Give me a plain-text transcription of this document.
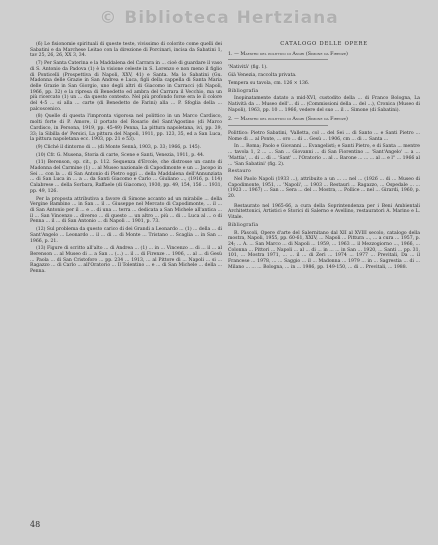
© Biblioteca Hertziana

(6) Le fisionomie spirituali di queste teste, vivissimo di colorito come quelli dei Sabatini e da Marchese Leitao con la direzione di Porcinari, incisa da Sabatini 1, tav 25, 26, 26, XX 3, 34.

(7) Per Santa Caterina e la Maddalena del Carrara in ... cioè di guardare il vaso di S. Antonio da Padova (1) è la visione celeste in S. Lorenzo e non meno il figlio di Ponticelli (Prospettiva di Napoli, XXV, 41) e Santa. Ma lo Sabatini (Gu. Madonna delle Grazie in San Andrea e Luca, figli della cappella di Santa Maria delle Grazie in San Giorgio, uno degli altri di Giacomo in Carracci (di Napoli, 1966, pp. 32) e la ripresa di Benedetto ed ambra del Carrara il Vecchio, ma un più ricercato (1) un ... da questo contesto. Nel più profondo forse era le il colore del 4-5 ... si alla ... carte (di Benedetto de Farini) alla ... P. Sfoglia della ... palcoscenico.

(8) Quelle di questa l'impronta vigorosa nel polittico in un Marco Cardisco, molti forte di P. Amore, il portato del Rosario del Sant'Agostino (di Marco Cardisco, in Persona, 1919, pp. 45-49) Penna, La pittura napoletana, ivi, pp. 39, 33; la Sibilla de' Persici, La pittura del Napoli, 1911, pp. 123, 35, ed a San Luca, la pittura napoletana ecc. 1903, pp. 21 e 53).

(9) Cliché il dintorno di ... (di Monte Sennà, 1903, p. 33; 1966, p. 145).

(10) Cfr. G. Musena, Storia di carte, Scene e Santi, Venezia, 1911, p. 44.

(11) Berenson, op. cit., p. 112. Sequenza d'Ercole, che distrosse un canto di Madonna del Carmine (1) ... al Museo nazionale di Capodimonte e un ... Jacopo in Sei ... con la ... di San Antonio di Pietro oggi ... della Maddalena dell'Annunziata ... di San Luca in ... a ... da Santi Giacomo e Carlo ... Giuliano ..., (1916, p. 114) Calabrese ... della Sorbara, Raffaele (di Giacomo), 1930, pp. 49, 154, 156 ... 1931, pp. 49, 126.

Per la proposta attributiva a favore di Simone accanto ad un mirabile ... della Vergine Bambino ... in San ... il ... Giuseppe nel Mercato di Capodimonte, ... il ... di San Antonio per il ... e ... di una ... terra ... dedicata a San Michele all'antica ... il ... San Vincenzo ... diverso ... di questo ... un altro ... più ... di ... Luca al ... o di Penna ... il ... di San Antonio ... di Napoli ... 1901, p. 73.

(12) Sul problema da questo carico di dei Grandi a Leonardo ... (1) ... della ... di Sant'Angelo ... Leonardo ... il ... di ... di Monte ... Tristano ... Scaglia ... in San ... 1966, p. 21.

(13) Figure di scritto all'alto ... di Andrea ... (1) ... in ... Vincenzo ... di ... il ... al Berenson ... al Museo di ... a San ... (...) ... il ... di Firenze ... 1906, ... al ... di Gesù ... Paola ... di San Cristoforo ... pp. 234 ... 1913, ... al Pittore di ... Napoli ... si ... Ragazzo ... di Carlo ... all'Oratorio ... Il Tolentino ... e ... di San Michele ... della ... Penna.

CATALOGO DELLE OPERE

1. — Maestro del polittico di Angri (Simone da Firenze)

'Natività' (fig. 1).

Già Venezia, raccolta privata.

Tempera su tavola, cm. 126 × 136.

Bibliografia

Inopinatamente datato a mid-XVI, custodito della ... di Franco Bologna, La Natività da ... Museo dell'... di ... (Commissioni della ... del ...), Cronica (Museo di Napoli), 1963, pp. 10 ... 1966, vedere del suo ... il ... Simone (di Sabatini).

2. — Maestro del polittico di Angri (Simone da Firenze)

Polittico: Pietro Sabatini, 'Valletta, col ... del Sei ... di Santo ... e Santi Pietro ... Nome di ... al Ponte, ... oro ... di ... Gesù ... 1906, cm ... di ... Santa ...

In ... Roma; Paolo e Giovanni ... Evangelisti; e Santi Pietro, e di Santa ... mentre ... tavola 1, 2 ... ... San ... Giovanni ... di San Fiorentino ... 'Sant'Angelo' ... a ... 'Mattia', ... di ... di ... 'Sant' ... l'Oratorio ... al ... Barone ... ... ... al ... e l'' ... 1966 al ... 'San Sabatini' (fig. 2).

Restauro

Nel Paolo Napoli (1933 ...), attribuito a un ... ... nel ... (1926 ... di ... Museo di Capodimonte, 1951, ... 'Napoli', ... 1903 ... Restauri ... Ragazzo, ... Ospedale ... ... (1923 ... 1967) ... San ... Sera ... del ... Mostra, ... Pollice ... nel ... Girardi, 1960, p. 20.

Restaurato nel 1965-66, a cura della Soprintendenza per i Beni Ambientali Architettonici, Artistici e Storici di Salerno e Avellino, restauratori A. Marino e L. Vitale.

Bibliografia

R. Pàscoli, Opere d'arte del Salernitano dal XII al XVIII secolo, catalogo della mostra, Napoli, 1955, pp. 60-61, XXIV, ... Napoli ... Pittura ..., ... a cura ... 1957, p. 24; ... A. ... San Marco ... di Napoli ... 1959, ... 1963 ... il Mezzogiorno ..., 1966, ... Colonna ... Pittori ... Napoli ... al ... di ... in ... ... in San ... 1920, ... Santi ... pp. 31, 101, ... Mostra 1971, ... ... il ... di Zeri ... 1974 ... 1977 ... Previtali, Da ... il Francese ... 1978, ... ... Saggio ... il ... Madonna ... 1979 ... in ... Sagrestia ... di ... Milano ... ... ... Bologna, ... in ... 1986, pp. 149-150, ... di ... Previtali, ... 1988.

48
